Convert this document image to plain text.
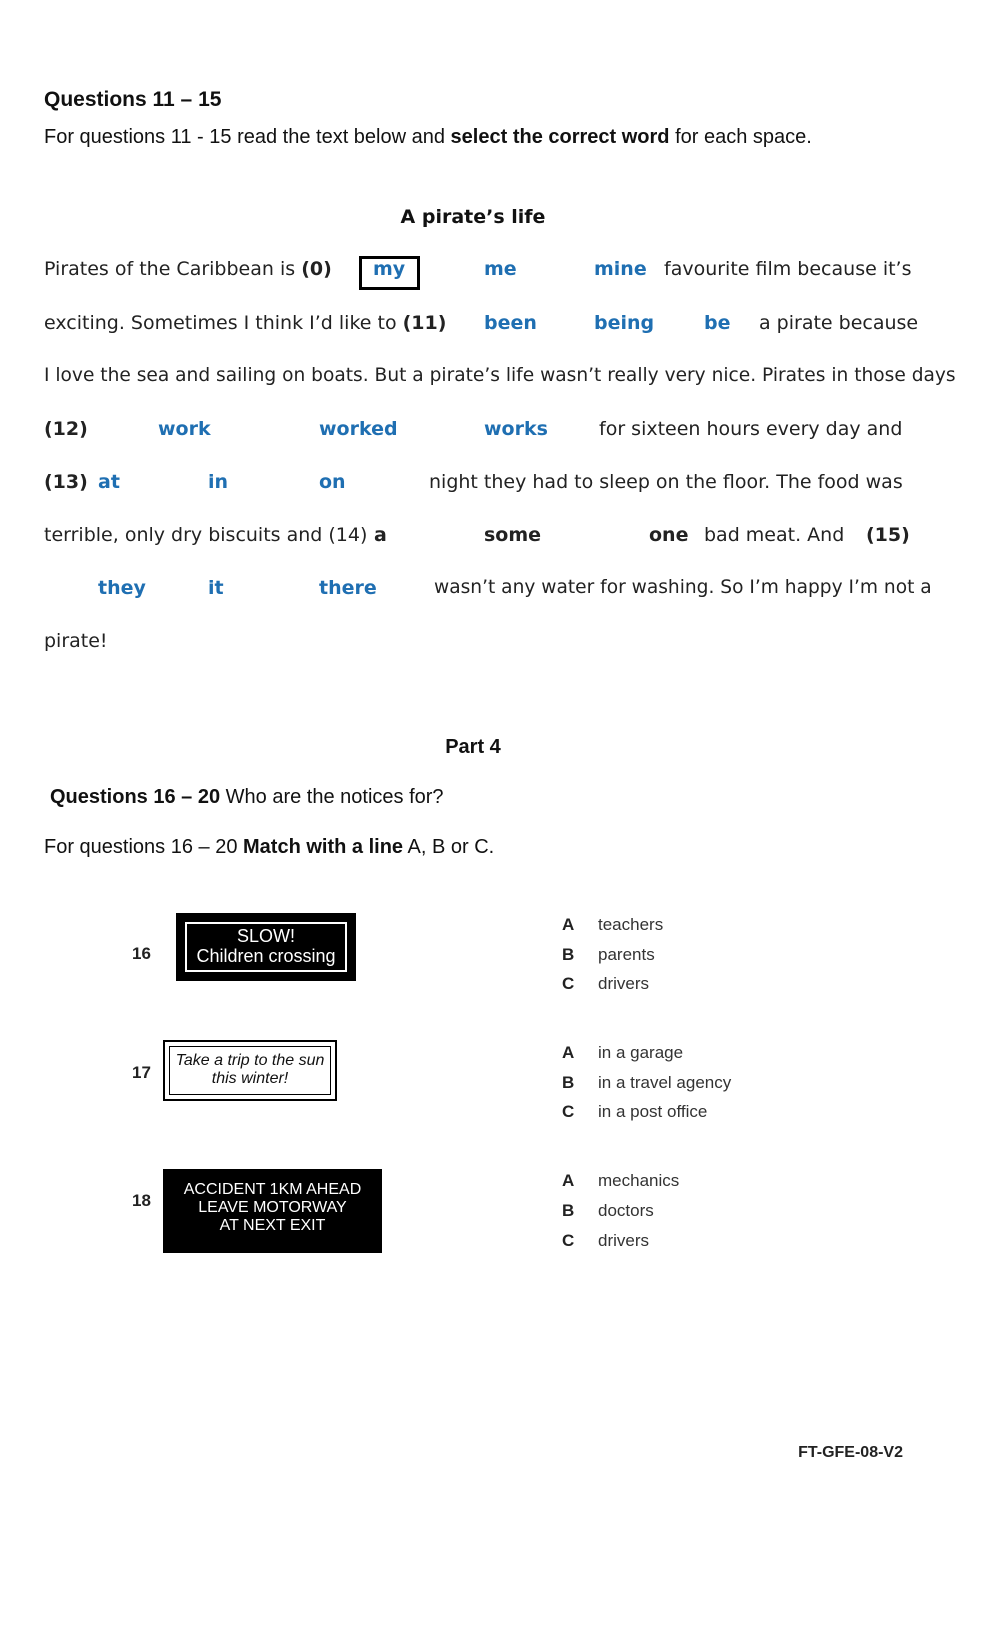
Questions 11 – 15
For questions 11 - 15 read the text below and select the correct word for each space.
A pirate’s life
Pirates of the Caribbean is (0) my	me	mine favourite film because it’s
exciting. Sometimes I think I’d like to (11) been	being	be a pirate because
I love the sea and sailing on boats. But a pirate’s life wasn’t really very nice. Pirates in those days
(12)	work	worked	works	for sixteen hours every day and
(13) at	in	on	night they had to sleep on the floor. The food was
terrible, only dry biscuits and (14) a	some	one bad meat. And (15)
they	it	there	wasn’t any water for washing. So I’m happy I’m not a
pirate!
Part 4
Questions 16 – 20 Who are the notices for?
For questions 16 – 20 Match with a line A, B or C.
16
SLOW!
Children crossing
A teachers
B parents
C drivers
17
Take a trip to the sun
this winter!
A in a garage
B in a travel agency
C in a post office
18
ACCIDENT 1KM AHEAD
LEAVE MOTORWAY
AT NEXT EXIT
A mechanics
B doctors
C drivers
FT-GFE-08-V2
